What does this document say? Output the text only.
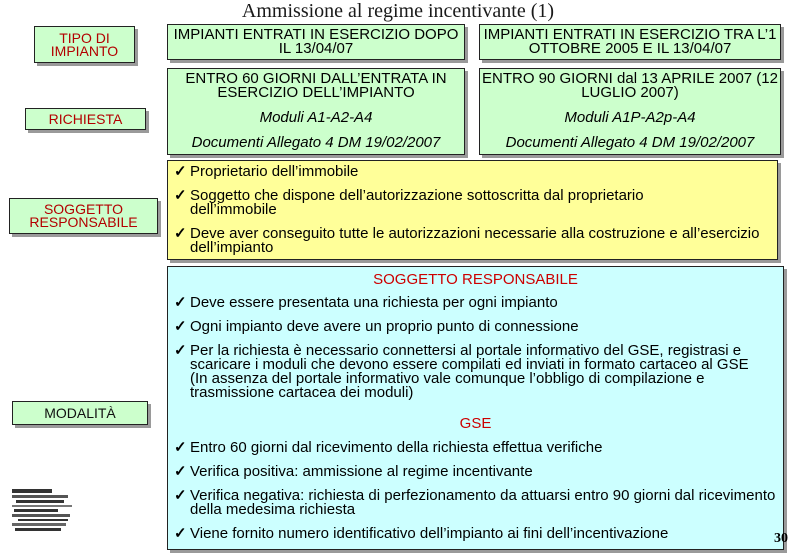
Ammissione al regime incentivante (1)
TIPO DI IMPIANTO
RICHIESTA
SOGGETTO RESPONSABILE
MODALITÀ
IMPIANTI ENTRATI IN ESERCIZIO DOPO IL 13/04/07
IMPIANTI ENTRATI IN ESERCIZIO TRA L’1 OTTOBRE 2005 E IL 13/04/07
ENTRO 60 GIORNI DALL’ENTRATA IN ESERCIZIO DELL’IMPIANTO
Moduli A1-A2-A4
Documenti Allegato 4 DM 19/02/2007
ENTRO 90 GIORNI dal 13 APRILE 2007 (12 LUGLIO 2007)
Moduli A1P-A2p-A4
Documenti Allegato 4 DM 19/02/2007
✓ Proprietario dell’immobile
✓ Soggetto che dispone dell’autorizzazione sottoscritta dal proprietario dell’immobile
✓ Deve aver conseguito tutte le autorizzazioni necessarie alla costruzione e all’esercizio dell’impianto
SOGGETTO RESPONSABILE
✓ Deve essere presentata una richiesta per ogni impianto
✓ Ogni impianto deve avere un proprio punto di connessione
✓ Per la richiesta è necessario connettersi al portale informativo del GSE, registrasi e scaricare i moduli che devono essere compilati ed inviati in formato cartaceo al GSE (In assenza del portale informativo vale comunque l’obbligo di compilazione e trasmissione cartacea dei moduli)
GSE
✓ Entro 60 giorni dal ricevimento della richiesta effettua verifiche
✓ Verifica positiva: ammissione al regime incentivante
✓ Verifica negativa: richiesta di perfezionamento da attuarsi entro 90 giorni dal ricevimento della medesima richiesta
✓ Viene fornito numero identificativo dell’impianto ai fini dell’incentivazione	30
